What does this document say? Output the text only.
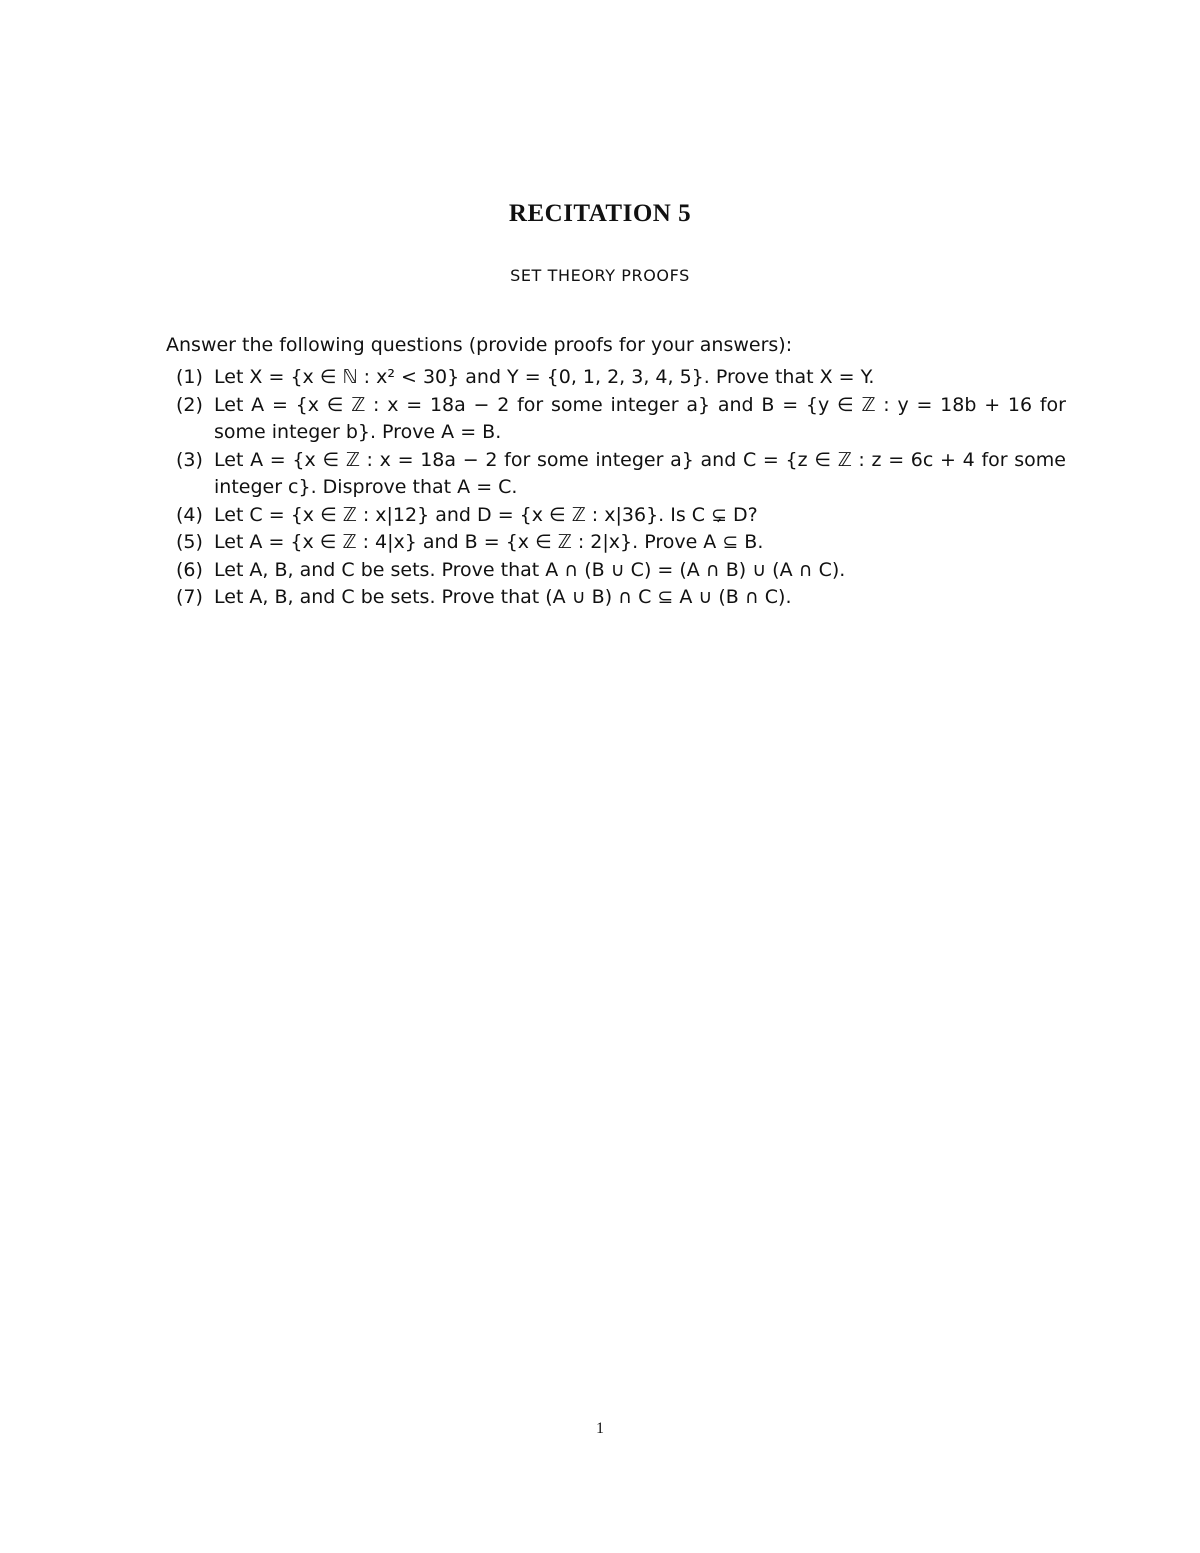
RECITATION 5
SET THEORY PROOFS
Answer the following questions (provide proofs for your answers):
(1) Let X = {x ∈ ℕ : x² < 30} and Y = {0, 1, 2, 3, 4, 5}. Prove that X = Y.
(2) Let A = {x ∈ ℤ : x = 18a − 2 for some integer a} and B = {y ∈ ℤ : y = 18b + 16 for some integer b}. Prove A = B.
(3) Let A = {x ∈ ℤ : x = 18a − 2 for some integer a} and C = {z ∈ ℤ : z = 6c + 4 for some integer c}. Disprove that A = C.
(4) Let C = {x ∈ ℤ : x|12} and D = {x ∈ ℤ : x|36}. Is C ⊊ D?
(5) Let A = {x ∈ ℤ : 4|x} and B = {x ∈ ℤ : 2|x}. Prove A ⊆ B.
(6) Let A, B, and C be sets. Prove that A ∩ (B ∪ C) = (A ∩ B) ∪ (A ∩ C).
(7) Let A, B, and C be sets. Prove that (A ∪ B) ∩ C ⊆ A ∪ (B ∩ C).
1
